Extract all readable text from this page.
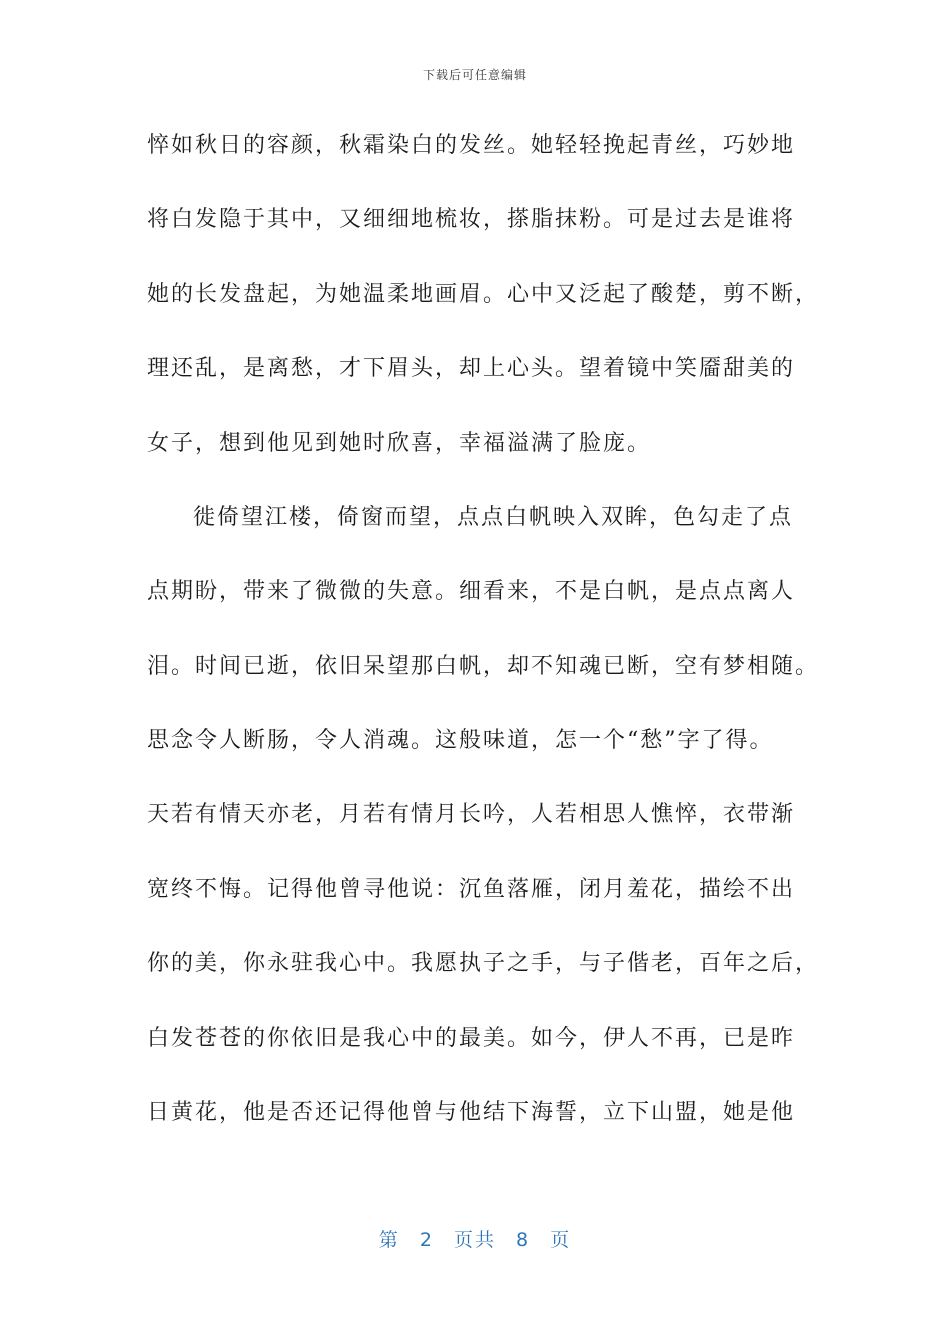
下载后可任意编辑
悴如秋日的容颜，秋霜染白的发丝。她轻轻挽起青丝，巧妙地
将白发隐于其中，又细细地梳妆，搽脂抹粉。可是过去是谁将
她的长发盘起，为她温柔地画眉。心中又泛起了酸楚，剪不断，
理还乱，是离愁，才下眉头，却上心头。望着镜中笑靥甜美的
女子，想到他见到她时欣喜，幸福溢满了脸庞。
徙倚望江楼，倚窗而望，点点白帆映入双眸，色勾走了点
点期盼，带来了微微的失意。细看来，不是白帆，是点点离人
泪。时间已逝，依旧呆望那白帆，却不知魂已断，空有梦相随。
思念令人断肠，令人消魂。这般味道，怎一个“愁”字了得。
天若有情天亦老，月若有情月长吟，人若相思人憔悴，衣带渐
宽终不悔。记得他曾寻他说：沉鱼落雁，闭月羞花，描绘不出
你的美，你永驻我心中。我愿执子之手，与子偕老，百年之后，
白发苍苍的你依旧是我心中的最美。如今，伊人不再，已是昨
日黄花，他是否还记得他曾与他结下海誓，立下山盟，她是他
第 2 页共 8 页
